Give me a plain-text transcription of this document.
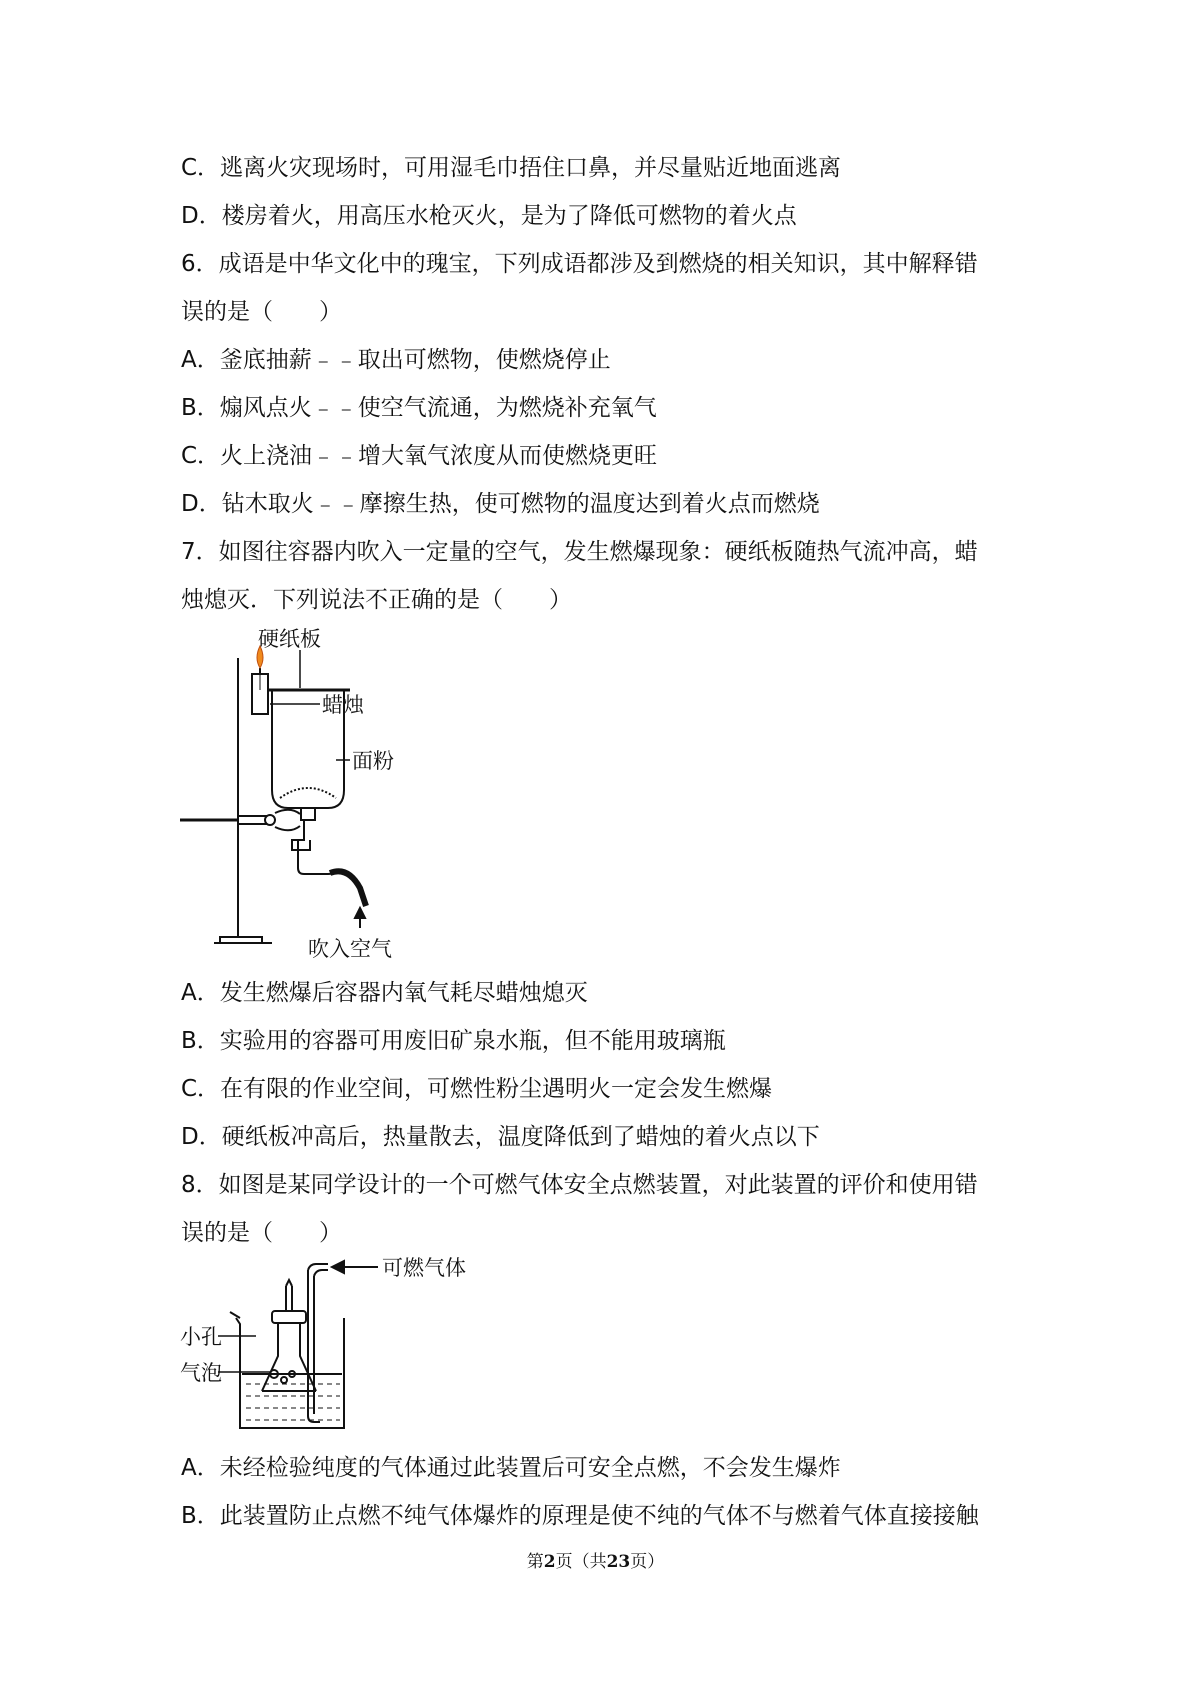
C．逃离火灾现场时，可用湿毛巾捂住口鼻，并尽量贴近地面逃离
D．楼房着火，用高压水枪灭火，是为了降低可燃物的着火点
6．成语是中华文化中的瑰宝，下列成语都涉及到燃烧的相关知识，其中解释错
误的是（　　）
A．釜底抽薪﹣﹣取出可燃物，使燃烧停止
B．煽风点火﹣﹣使空气流通，为燃烧补充氧气
C．火上浇油﹣﹣增大氧气浓度从而使燃烧更旺
D．钻木取火﹣﹣摩擦生热，使可燃物的温度达到着火点而燃烧
7．如图往容器内吹入一定量的空气，发生燃爆现象：硬纸板随热气流冲高，蜡
烛熄灭．下列说法不正确的是（　　）
A．发生燃爆后容器内氧气耗尽蜡烛熄灭
B．实验用的容器可用废旧矿泉水瓶，但不能用玻璃瓶
C．在有限的作业空间，可燃性粉尘遇明火一定会发生燃爆
D．硬纸板冲高后，热量散去，温度降低到了蜡烛的着火点以下
8．如图是某同学设计的一个可燃气体安全点燃装置，对此装置的评价和使用错
误的是（　　）
A．未经检验纯度的气体通过此装置后可安全点燃，不会发生爆炸
B．此装置防止点燃不纯气体爆炸的原理是使不纯的气体不与燃着气体直接接触
硬纸板
蜡烛
面粉
吹入空气
可燃气体
小孔
气泡
第2页（共23页）
